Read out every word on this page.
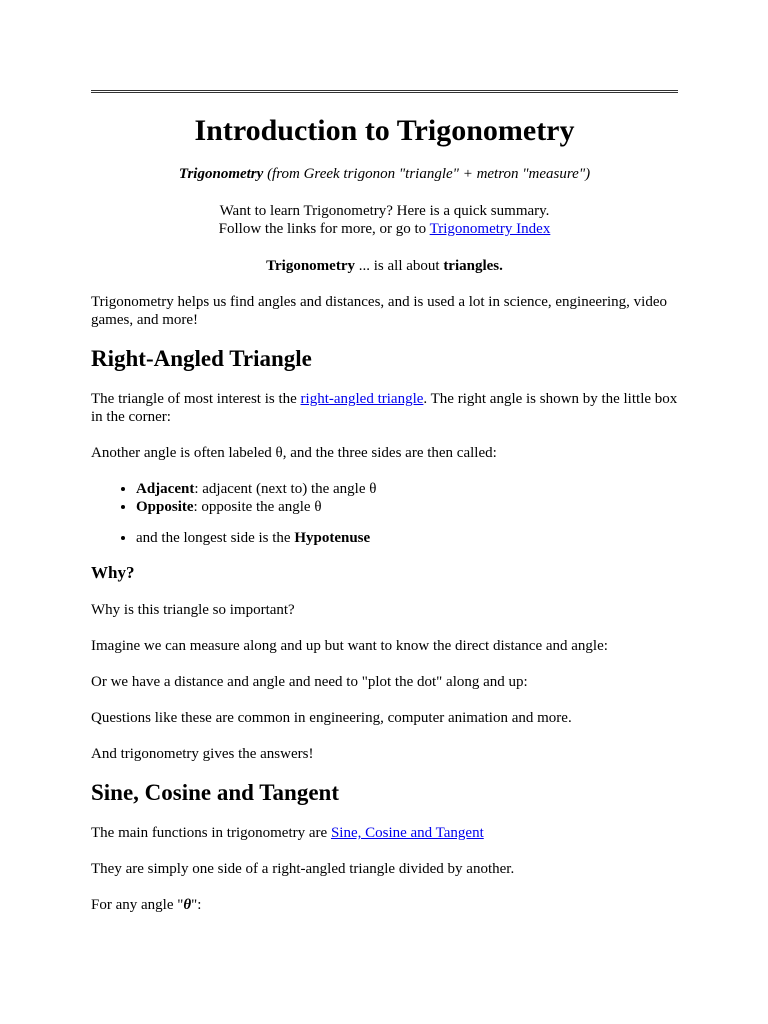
Introduction to Trigonometry
Trigonometry (from Greek trigonon "triangle" + metron "measure")
Want to learn Trigonometry? Here is a quick summary.
Follow the links for more, or go to Trigonometry Index
Trigonometry ... is all about triangles.

Trigonometry helps us find angles and distances, and is used a lot in science, engineering, video games, and more!

Right-Angled Triangle

The triangle of most interest is the right-angled triangle. The right angle is shown by the little box in the corner:

Another angle is often labeled θ, and the three sides are then called:

• Adjacent: adjacent (next to) the angle θ
• Opposite: opposite the angle θ
• and the longest side is the Hypotenuse
Why?

Why is this triangle so important?

Imagine we can measure along and up but want to know the direct distance and angle:

Or we have a distance and angle and need to "plot the dot" along and up:

Questions like these are common in engineering, computer animation and more.

And trigonometry gives the answers!

Sine, Cosine and Tangent

The main functions in trigonometry are Sine, Cosine and Tangent

They are simply one side of a right-angled triangle divided by another.

For any angle "θ":
